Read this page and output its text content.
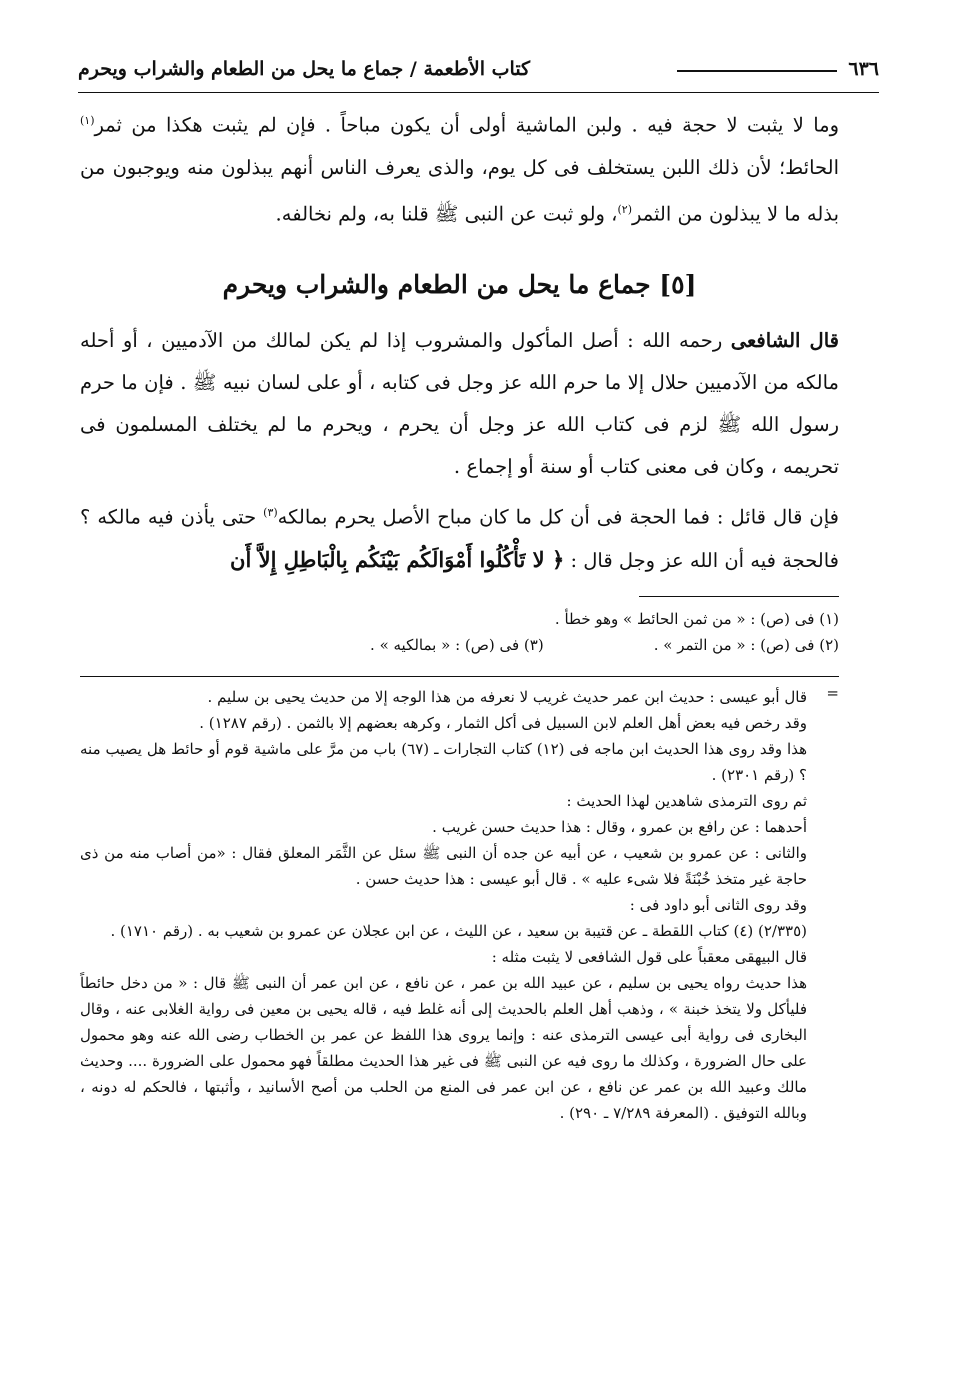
٦٣٦
كتاب الأطعمة / جماع ما يحل من الطعام والشراب ويحرم
وما لا يثبت لا حجة فيه . ولبن الماشية أولى أن يكون مباحاً . فإن لم يثبت هكذا من ثمر$^{(١)}$ الحائط؛ لأن ذلك اللبن يستخلف فى كل يوم، والذى يعرف الناس أنهم يبذلون منه ويوجبون من بذله ما لا يبذلون من الثمر$^{(٢)}$، ولو ثبت عن النبى ﷺ قلنا به، ولم نخالفه.
[٥] جماع ما يحل من الطعام والشراب ويحرم
قال الشافعى رحمه الله : أصل المأكول والمشروب إذا لم يكن لمالك من الآدميين ، أو أحله مالكه من الآدميين حلال إلا ما حرم الله عز وجل فى كتابه ، أو على لسان نبيه ﷺ . فإن ما حرم رسول الله ﷺ لزم فى كتاب الله عز وجل أن يحرم ، ويحرم ما لم يختلف المسلمون فى تحريمه ، وكان فى معنى كتاب أو سنة أو إجماع .
فإن قال قائل : فما الحجة فى أن كل ما كان مباح الأصل يحرم بمالكه$^{(٣)}$ حتى يأذن فيه مالكه ؟ فالحجة فيه أن الله عز وجل قال : ﴿ لا تَأْكُلُوا أَمْوَالَكُم بَيْنَكُم بِالْبَاطِلِ إِلاَّ أَن
(١) فى (ص) : « من ثمن الحائط » وهو خطأ .
(٢) فى (ص) : « من التمر » .
(٣) فى (ص) : « بمالكيه » .
=

قال أبو عيسى : حديث ابن عمر حديث غريب لا نعرفه من هذا الوجه إلا من حديث يحيى بن سليم .

وقد رخص فيه بعض أهل العلم لابن السبيل فى أكل الثمار ، وكرهه بعضهم إلا بالثمن . (رقم ١٢٨٧) .

هذا وقد روى هذا الحديث ابن ماجه فى (١٢) كتاب التجارات ـ (٦٧) باب من مرَّ على ماشية قوم أو حائط هل يصيب منه ؟ (رقم ٢٣٠١) .

ثم روى الترمذى شاهدين لهذا الحديث :

أحدهما : عن رافع بن عمرو ، وقال : هذا حديث حسن غريب .

والثانى : عن عمرو بن شعيب ، عن أبيه عن جده أن النبى ﷺ سئل عن الثَّمَر المعلق فقال : «من أصاب منه من ذى حاجة غير متخذ خُبْنَةً فلا شىء عليه » . قال أبو عيسى : هذا حديث حسن .

وقد روى الثانى أبو داود فى :

(٢/٣٣٥) (٤) كتاب اللقطة ـ عن قتيبة بن سعيد ، عن الليث ، عن ابن عجلان عن عمرو بن شعيب به . (رقم ١٧١٠) .

قال البيهقى معقباً على قول الشافعى لا يثبت مثله :

هذا حديث رواه يحيى بن سليم ، عن عبيد الله بن عمر ، عن نافع ، عن ابن عمر أن النبى ﷺ قال : « من دخل حائطاً فليأكل ولا يتخذ خبنة » ، وذهب أهل العلم بالحديث إلى أنه غلط فيه ، قاله يحيى بن معين فى رواية الغلابى عنه ، وقال البخارى فى رواية أبى عيسى الترمذى عنه : وإنما يروى هذا اللفظ عن عمر بن الخطاب رضى الله عنه وهو محمول على حال الضرورة ، وكذلك ما روى فيه عن النبى ﷺ فى غير هذا الحديث مطلقاً فهو محمول على الضرورة .... وحديث مالك وعبيد الله بن عمر عن نافع ، عن ابن عمر فى المنع من الحلب من أصح الأسانيد ، وأثبتها ، فالحكم له دونه ، وبالله التوفيق . (المعرفة ٧/٢٨٩ ـ ٢٩٠) .
